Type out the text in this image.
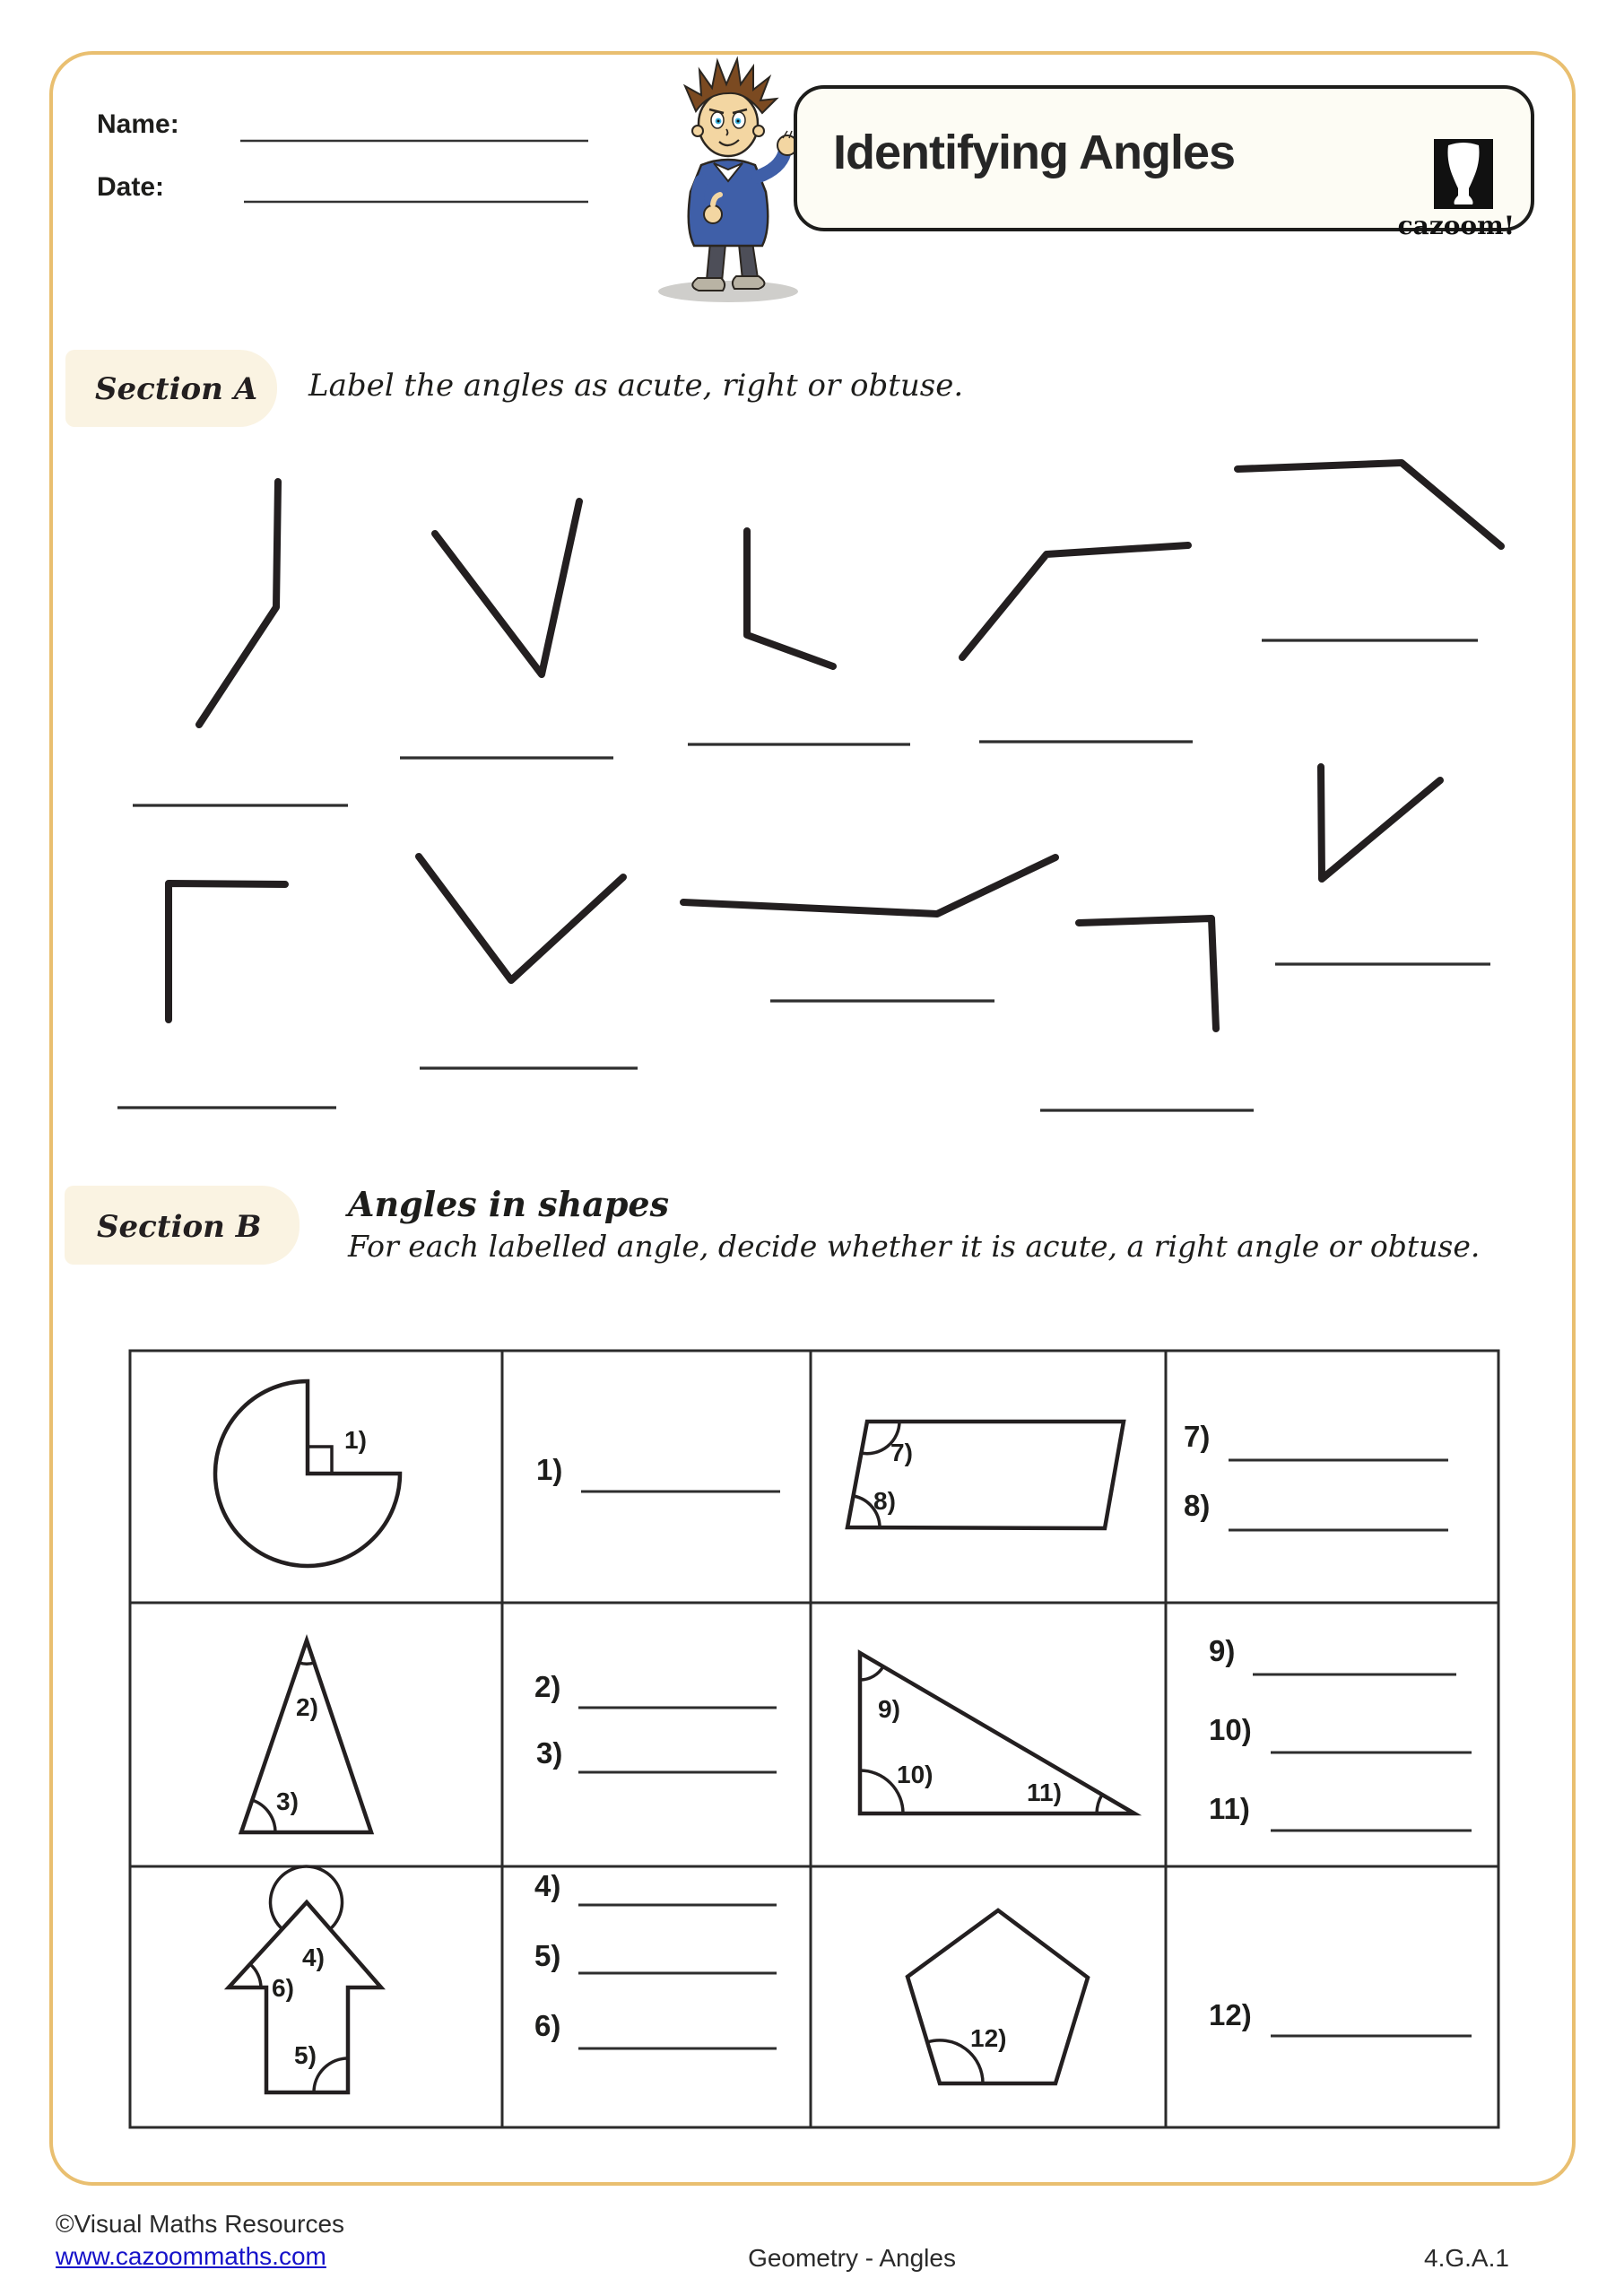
Name:
Date:
Identifying Angles
cazoom!
Section A Label the angles as acute, right or obtuse.
Section B
Angles in shapes
For each labelled angle, decide whether it is acute, a right angle or obtuse.
1)
2)
3)
4)
5)
6)
7)
8)
9)
10)
11)
12)
1)
2)
3)
4)
5)
6)
7)
8)
9)
10)
11)
12)
©Visual Maths Resources
www.cazoommaths.com	Geometry - Angles	4.G.A.1
